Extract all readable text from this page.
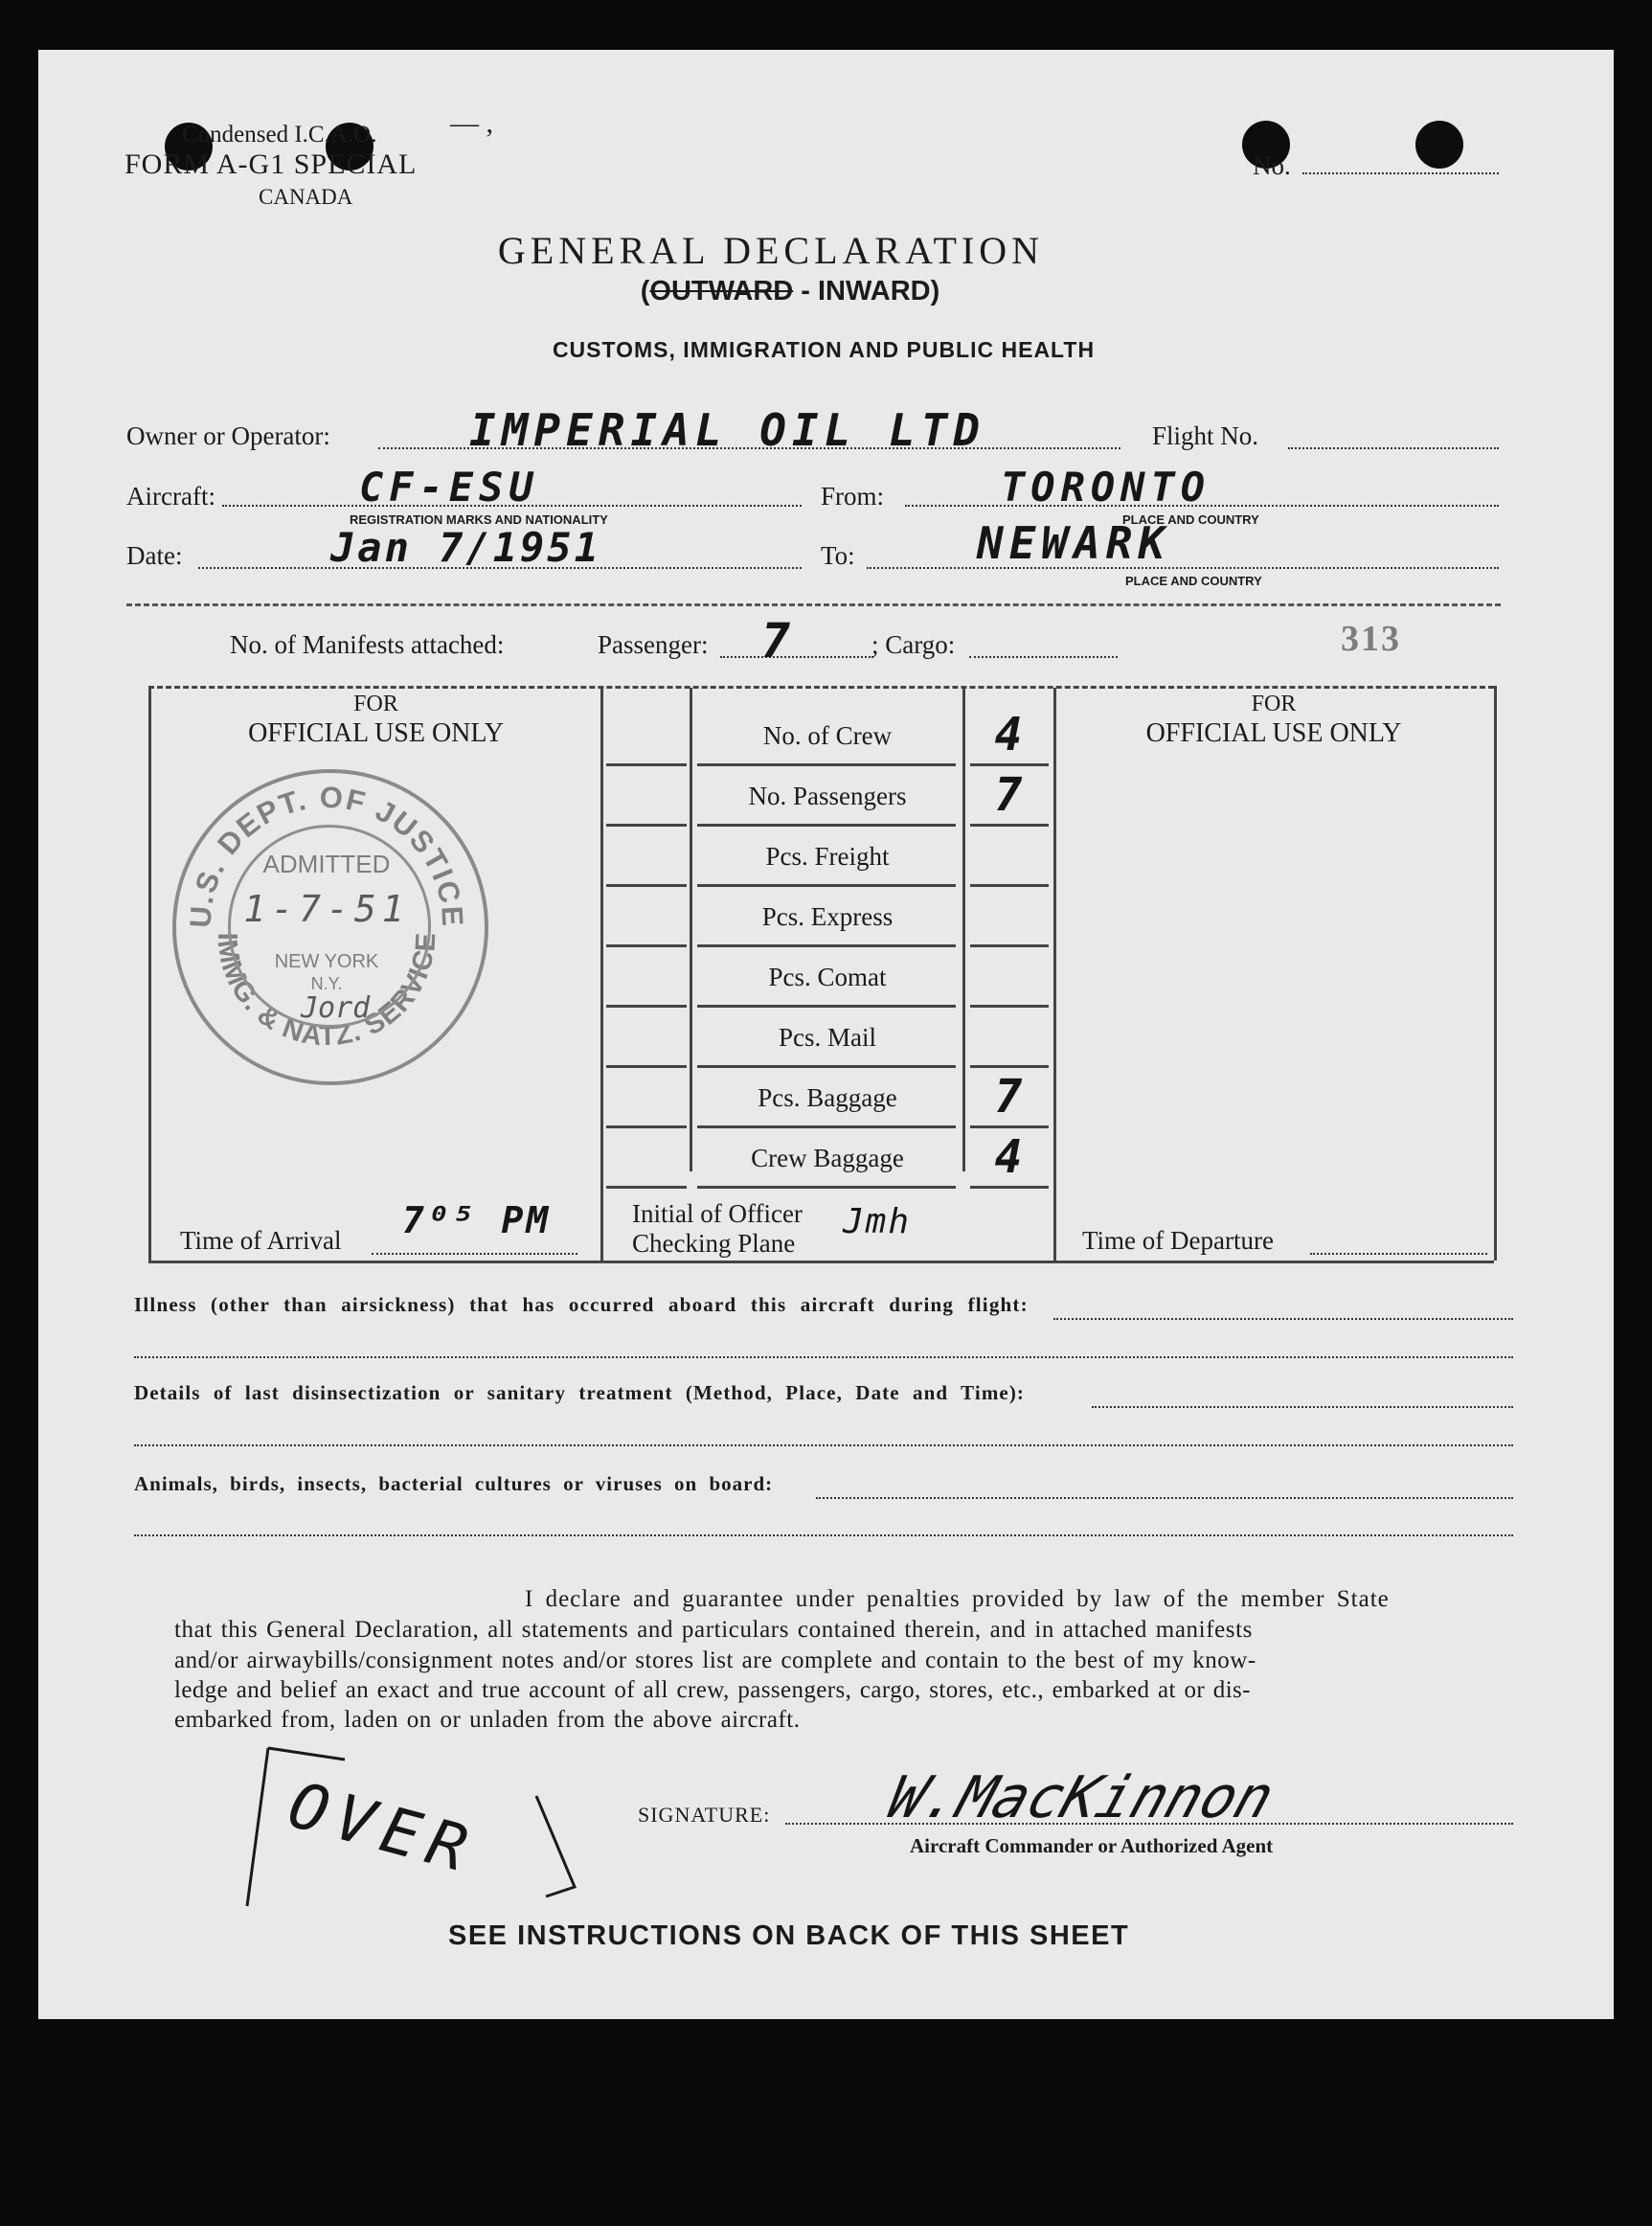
Condensed I.C.A.O.
FORM A-G1 SPECIAL
CANADA
— ,
No.
GENERAL DECLARATION
(OUTWARD - INWARD)
CUSTOMS, IMMIGRATION AND PUBLIC HEALTH
Owner or Operator:	IMPERIAL OIL LTD	Flight No.
Aircraft:	CF-ESU
REGISTRATION MARKS AND NATIONALITY
From:	TORONTO
PLACE AND COUNTRY
Date:	Jan 7/1951	To:	NEWARK
PLACE AND COUNTRY
No. of Manifests attached:	Passenger: 7	; Cargo:	313
FOR
OFFICIAL USE ONLY
FOR
OFFICIAL USE ONLY
No. of Crew	4
No. Passengers	7
Pcs. Freight
Pcs. Express
Pcs. Comat
Pcs. Mail
Pcs. Baggage	7
Crew Baggage	4
Time of Arrival 7⁰⁵ PM	Initial of Officer
Checking Plane
Jmh	Time of Departure
U.S. DEPT. OF JUSTICE
IMMG. & NATZ. SERVICE
ADMITTED
1-7-51
NEW YORK
N.Y.
Jord
Illness (other than airsickness) that has occurred aboard this aircraft during flight:
Details of last disinsectization or sanitary treatment (Method, Place, Date and Time):
Animals, birds, insects, bacterial cultures or viruses on board:
I declare and guarantee under penalties provided by law of the member State
that this General Declaration, all statements and particulars contained therein, and in attached manifests
and/or airwaybills/consignment notes and/or stores list are complete and contain to the best of my know-
ledge and belief an exact and true account of all crew, passengers, cargo, stores, etc., embarked at or dis-
embarked from, laden on or unladen from the above aircraft.
SIGNATURE: W.MacKinnon
Aircraft Commander or Authorized Agent
OVER
SEE INSTRUCTIONS ON BACK OF THIS SHEET
